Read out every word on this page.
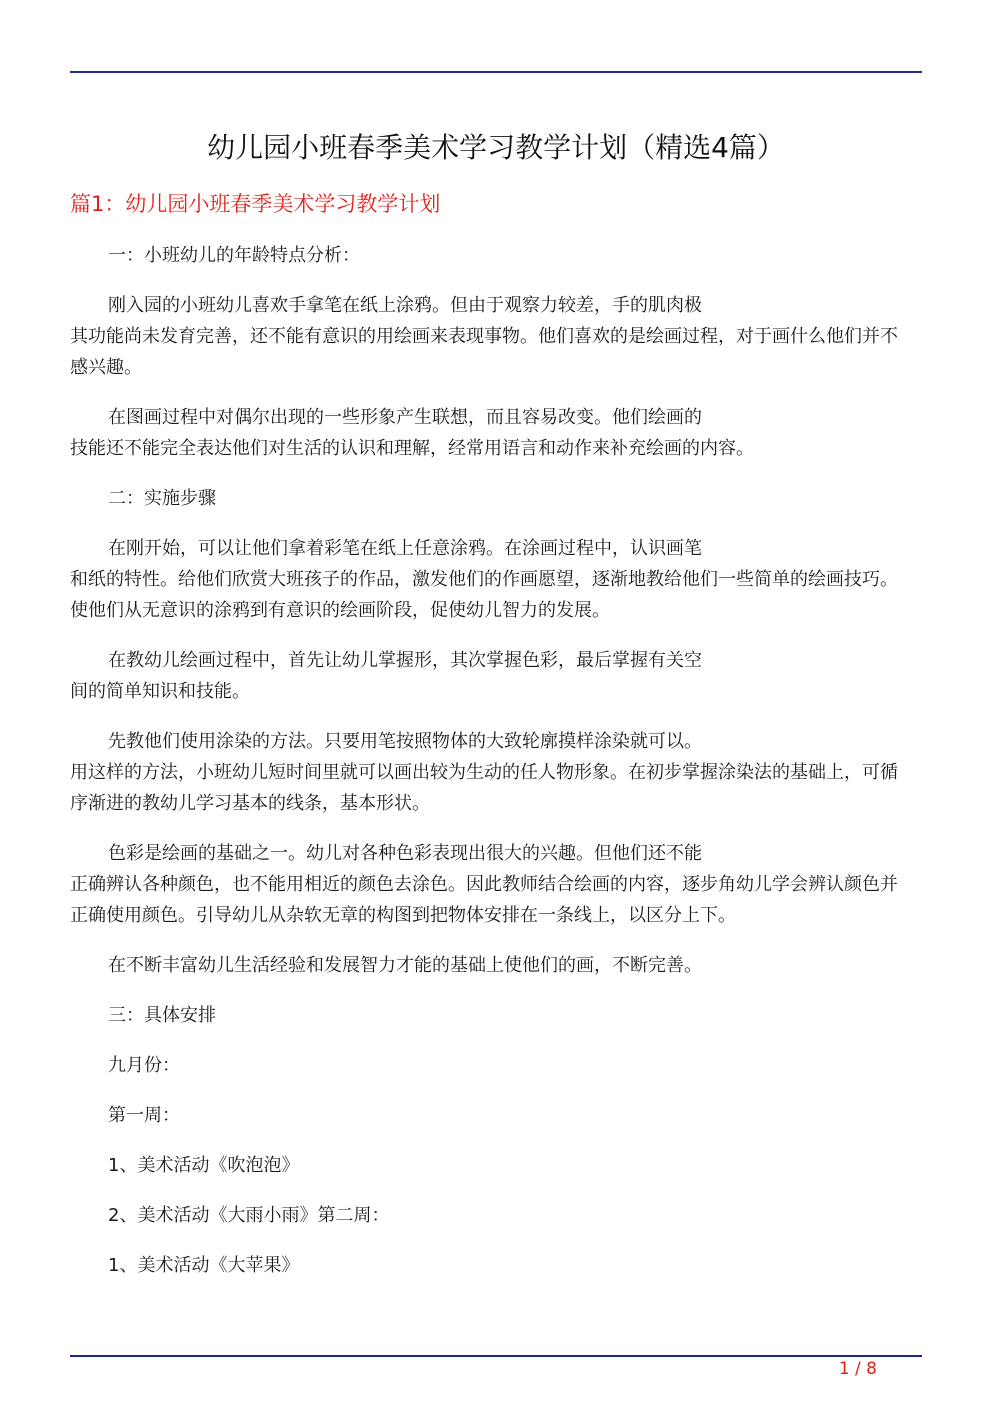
幼儿园小班春季美术学习教学计划（精选4篇）
篇1：幼儿园小班春季美术学习教学计划

一：小班幼儿的年龄特点分析：

刚入园的小班幼儿喜欢手拿笔在纸上涂鸦。但由于观察力较差，手的肌肉极
其功能尚未发育完善，还不能有意识的用绘画来表现事物。他们喜欢的是绘画过程，对于画什么他们并不感兴趣。

在图画过程中对偶尔出现的一些形象产生联想，而且容易改变。他们绘画的
技能还不能完全表达他们对生活的认识和理解，经常用语言和动作来补充绘画的内容。

二：实施步骤

在刚开始，可以让他们拿着彩笔在纸上任意涂鸦。在涂画过程中，认识画笔
和纸的特性。给他们欣赏大班孩子的作品，激发他们的作画愿望，逐渐地教给他们一些简单的绘画技巧。使他们从无意识的涂鸦到有意识的绘画阶段，促使幼儿智力的发展。

在教幼儿绘画过程中，首先让幼儿掌握形，其次掌握色彩，最后掌握有关空
间的简单知识和技能。

先教他们使用涂染的方法。只要用笔按照物体的大致轮廓摸样涂染就可以。
用这样的方法，小班幼儿短时间里就可以画出较为生动的任人物形象。在初步掌握涂染法的基础上，可循序渐进的教幼儿学习基本的线条，基本形状。

色彩是绘画的基础之一。幼儿对各种色彩表现出很大的兴趣。但他们还不能
正确辨认各种颜色，也不能用相近的颜色去涂色。因此教师结合绘画的内容，逐步角幼儿学会辨认颜色并正确使用颜色。引导幼儿从杂软无章的构图到把物体安排在一条线上，以区分上下。

在不断丰富幼儿生活经验和发展智力才能的基础上使他们的画，不断完善。

三：具体安排

九月份：

第一周：

1、美术活动《吹泡泡》

2、美术活动《大雨小雨》第二周：

1、美术活动《大苹果》

1 / 8
